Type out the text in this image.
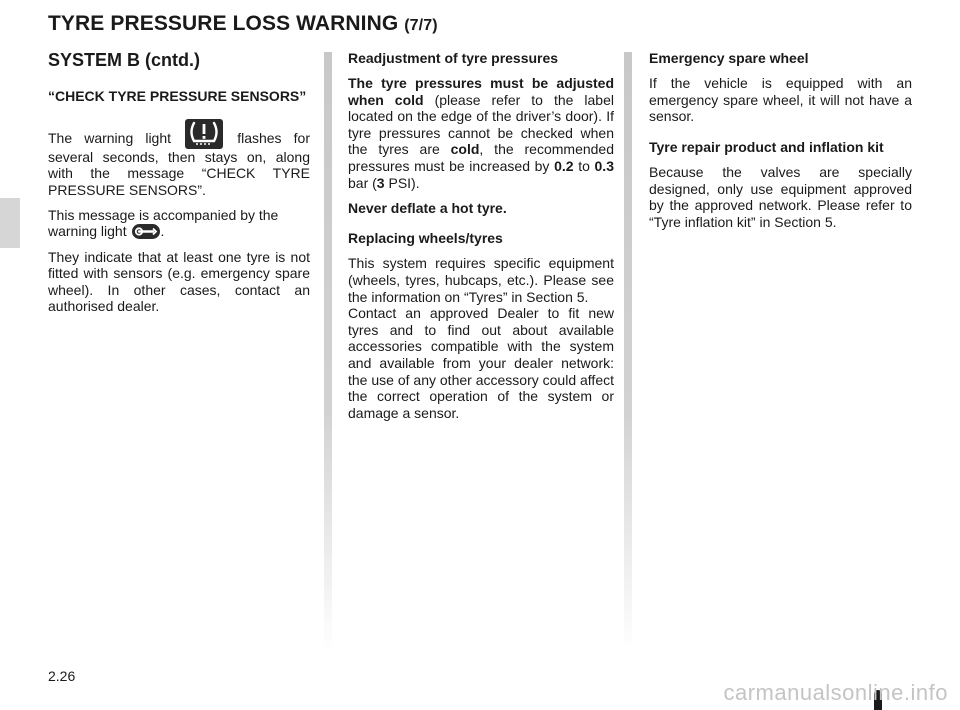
TYRE PRESSURE LOSS WARNING (7/7)
SYSTEM B (cntd.)

“CHECK TYRE PRESSURE SENSORS”

The warning light	flashes for several seconds, then stays on, along with the message “CHECK TYRE PRESSURE SENSORS”.

This message is accompanied by the warning light .

They indicate that at least one tyre is not fitted with sensors (e.g. emergency spare wheel). In other cases, contact an authorised dealer.

Readjustment of tyre pressures

The tyre pressures must be adjusted when cold (please refer to the label located on the edge of the driver’s door). If tyre pressures cannot be checked when the tyres are cold, the recommended pressures must be increased by 0.2 to 0.3 bar (3 PSI).

Never deflate a hot tyre.

Replacing wheels/tyres

This system requires specific equipment (wheels, tyres, hubcaps, etc.). Please see the information on “Tyres” in Section 5.
Contact an approved Dealer to fit new tyres and to find out about available accessories compatible with the system and available from your dealer network: the use of any other accessory could affect the correct operation of the system or damage a sensor.

Emergency spare wheel

If the vehicle is equipped with an emergency spare wheel, it will not have a sensor.

Tyre repair product and inflation kit

Because the valves are specially designed, only use equipment approved by the approved network. Please refer to “Tyre inflation kit” in Section 5.

2.26
carmanualsonline.info
